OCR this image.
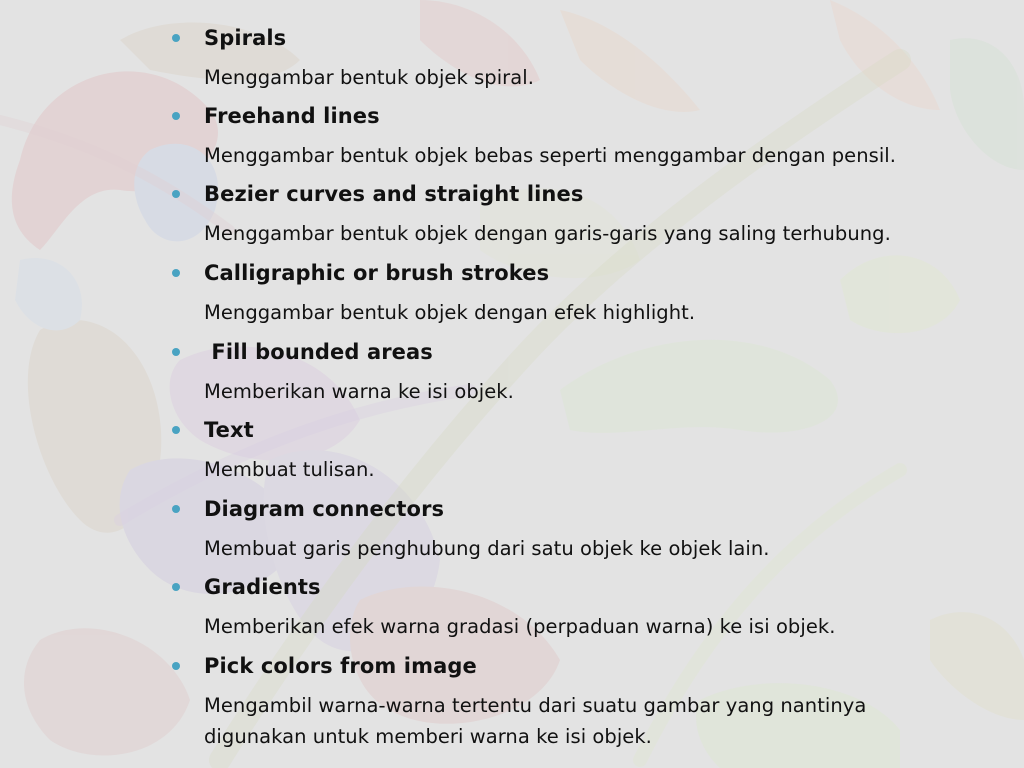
Spirals
Menggambar bentuk objek spiral.
Freehand lines
Menggambar bentuk objek bebas seperti menggambar dengan pensil.
Bezier curves and straight lines
Menggambar bentuk objek dengan garis-garis yang saling terhubung.
Calligraphic or brush strokes
Menggambar bentuk objek dengan efek highlight.
Fill bounded areas
Memberikan warna ke isi objek.
Text
Membuat tulisan.
Diagram connectors
Membuat garis penghubung dari satu objek ke objek lain.
Gradients
Memberikan efek warna gradasi (perpaduan warna) ke isi objek.
Pick colors from image
Mengambil warna-warna tertentu dari suatu gambar yang nantinya digunakan untuk memberi warna ke isi objek.
